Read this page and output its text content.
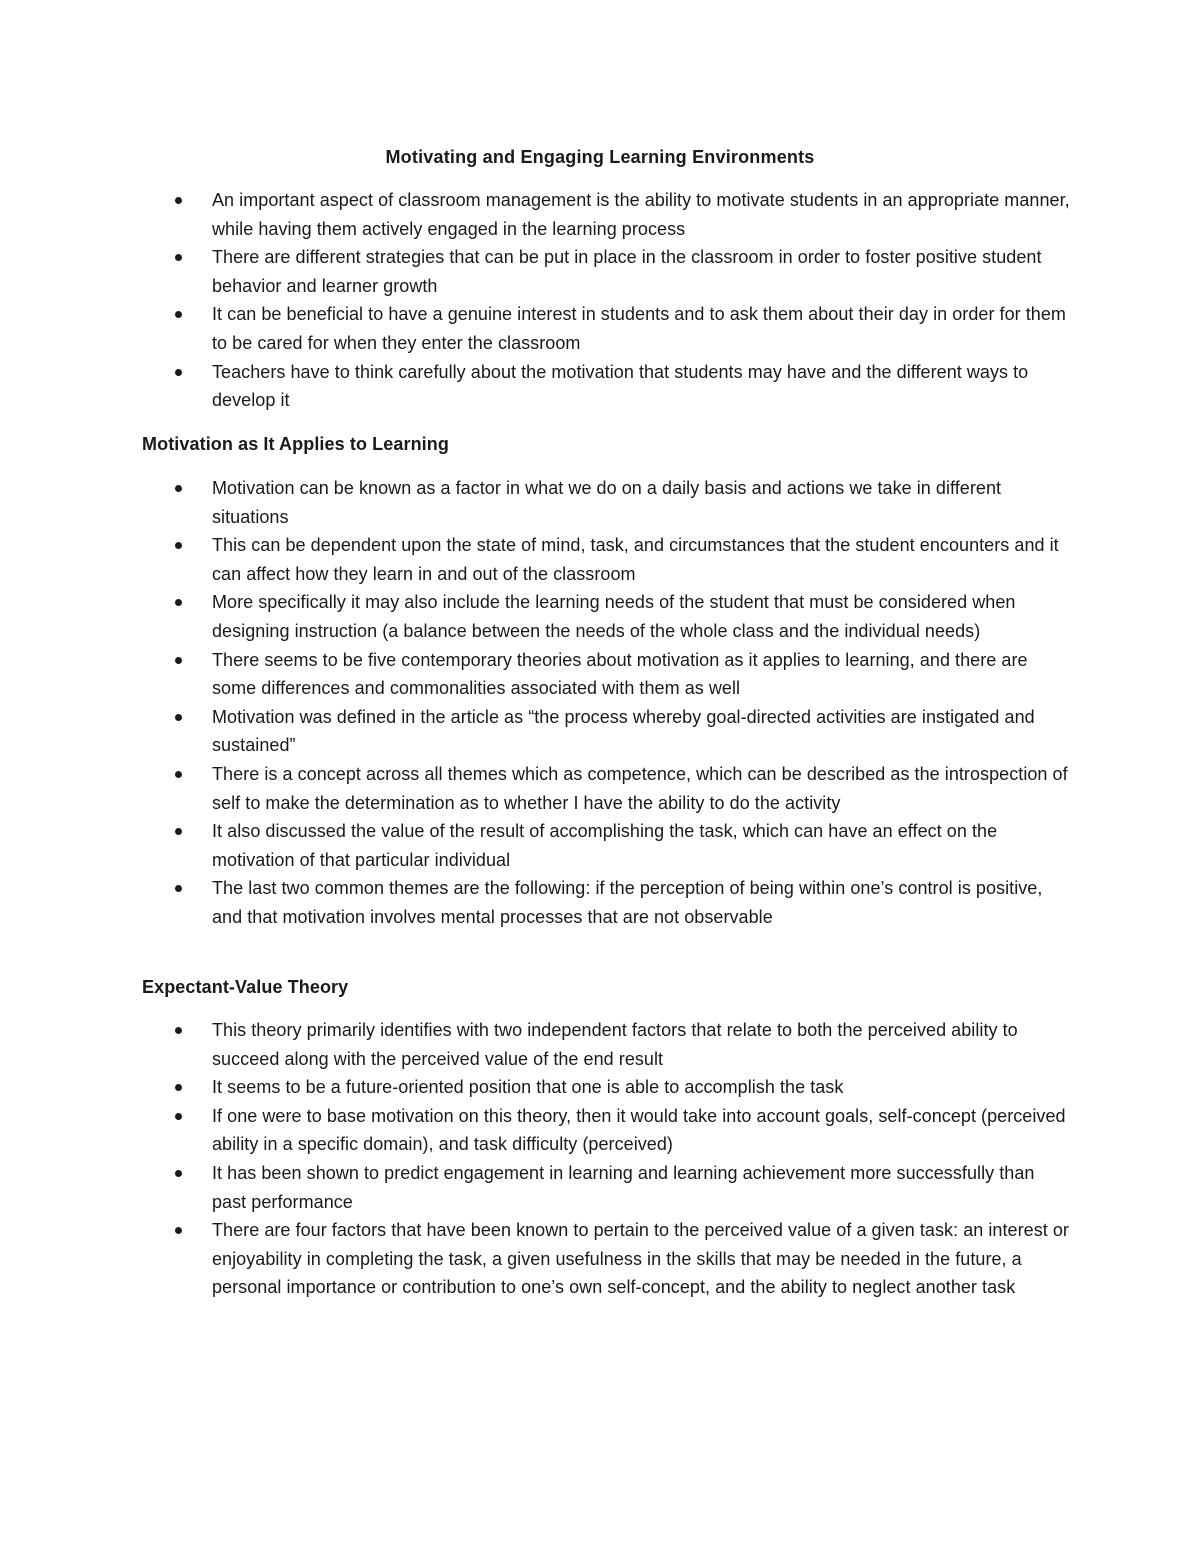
Motivating and Engaging Learning Environments
An important aspect of classroom management is the ability to motivate students in an appropriate manner, while having them actively engaged in the learning process
There are different strategies that can be put in place in the classroom in order to foster positive student behavior and learner growth
It can be beneficial to have a genuine interest in students and to ask them about their day in order for them to be cared for when they enter the classroom
Teachers have to think carefully about the motivation that students may have and the different ways to develop it
Motivation as It Applies to Learning
Motivation can be known as a factor in what we do on a daily basis and actions we take in different situations
This can be dependent upon the state of mind, task, and circumstances that the student encounters and it can affect how they learn in and out of the classroom
More specifically it may also include the learning needs of the student that must be considered when designing instruction (a balance between the needs of the whole class and the individual needs)
There seems to be five contemporary theories about motivation as it applies to learning, and there are some differences and commonalities associated with them as well
Motivation was defined in the article as “the process whereby goal-directed activities are instigated and sustained”
There is a concept across all themes which as competence, which can be described as the introspection of self to make the determination as to whether I have the ability to do the activity
It also discussed the value of the result of accomplishing the task, which can have an effect on the motivation of that particular individual
The last two common themes are the following: if the perception of being within one’s control is positive, and that motivation involves mental processes that are not observable
Expectant-Value Theory
This theory primarily identifies with two independent factors that relate to both the perceived ability to succeed along with the perceived value of the end result
It seems to be a future-oriented position that one is able to accomplish the task
If one were to base motivation on this theory, then it would take into account goals, self-concept (perceived ability in a specific domain), and task difficulty (perceived)
It has been shown to predict engagement in learning and learning achievement more successfully than past performance
There are four factors that have been known to pertain to the perceived value of a given task: an interest or enjoyability in completing the task, a given usefulness in the skills that may be needed in the future, a personal importance or contribution to one’s own self-concept, and the ability to neglect another task
